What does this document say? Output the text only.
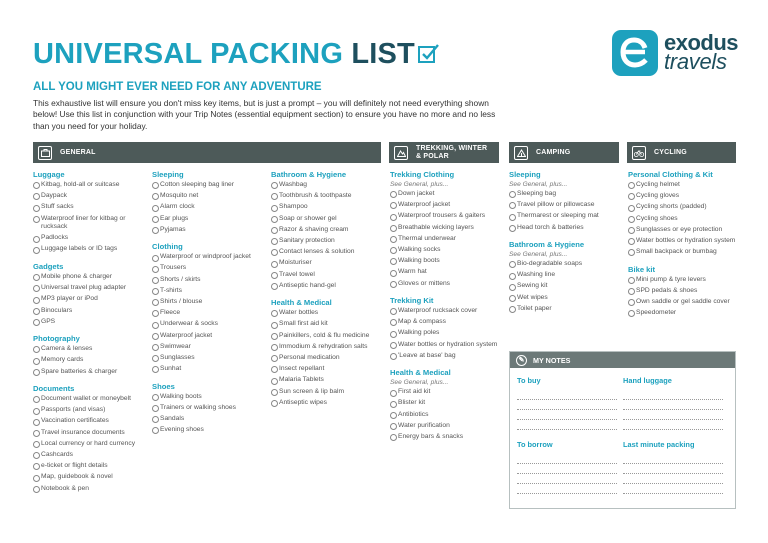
UNIVERSAL PACKING LIST
ALL YOU MIGHT EVER NEED FOR ANY ADVENTURE
This exhaustive list will ensure you don't miss key items, but is just a prompt – you will definitely not need everything shown below! Use this list in conjunction with your Trip Notes (essential equipment section) to ensure you have no more and no less than you need for your holiday.
exodus
travels
GENERAL
TREKKING, WINTER
& POLAR
CAMPING	CYCLING
Luggage
Kitbag, hold-all or suitcase
Daypack
Stuff sacks
Waterproof liner for kitbag or rucksack
Padlocks
Luggage labels or ID tags
Gadgets
Mobile phone & charger
Universal travel plug adapter
MP3 player or iPod
Binoculars
GPS
Photography
Camera & lenses
Memory cards
Spare batteries & charger
Documents
Document wallet or moneybelt
Passports (and visas)
Vaccination certificates
Travel insurance documents
Local currency or hard currency
Cashcards
e-ticket or flight details
Map, guidebook & novel
Notebook & pen
Sleeping
Cotton sleeping bag liner
Mosquito net
Alarm clock
Ear plugs
Pyjamas
Clothing
Waterproof or windproof jacket
Trousers
Shorts / skirts
T-shirts
Shirts / blouse
Fleece
Underwear & socks
Waterproof jacket
Swimwear
Sunglasses
Sunhat
Shoes
Walking boots
Trainers or walking shoes
Sandals
Evening shoes
Bathroom & Hygiene
Washbag
Toothbrush & toothpaste
Shampoo
Soap or shower gel
Razor & shaving cream
Sanitary protection
Contact lenses & solution
Moisturiser
Travel towel
Antiseptic hand-gel
Health & Medical
Water bottles
Small first aid kit
Painkillers, cold & flu medicine
Immodium & rehydration salts
Personal medication
Insect repellant
Malaria Tablets
Sun screen & lip balm
Antiseptic wipes
Trekking Clothing
See General, plus...
Down jacket
Waterproof jacket
Waterproof trousers & gaiters
Breathable wicking layers
Thermal underwear
Walking socks
Walking boots
Warm hat
Gloves or mittens
Trekking Kit
Waterproof rucksack cover
Map & compass
Walking poles
Water bottles or hydration system
'Leave at base' bag
Health & Medical
See General, plus...
First aid kit
Blister kit
Antibiotics
Water purification
Energy bars & snacks
Sleeping
See General, plus...
Sleeping bag
Travel pillow or pillowcase
Thermarest or sleeping mat
Head torch & batteries
Bathroom & Hygiene
See General, plus...
Bio-degradable soaps
Washing line
Sewing kit
Wet wipes
Toilet paper
Personal Clothing & Kit
Cycling helmet
Cycling gloves
Cycling shorts (padded)
Cycling shoes
Sunglasses or eye protection
Water bottles or hydration system
Small backpack or bumbag
Bike kit
Mini pump & tyre levers
SPD pedals & shoes
Own saddle or gel saddle cover
Speedometer
✎	MY NOTES
To buy	Hand luggage
To borrow	Last minute packing
